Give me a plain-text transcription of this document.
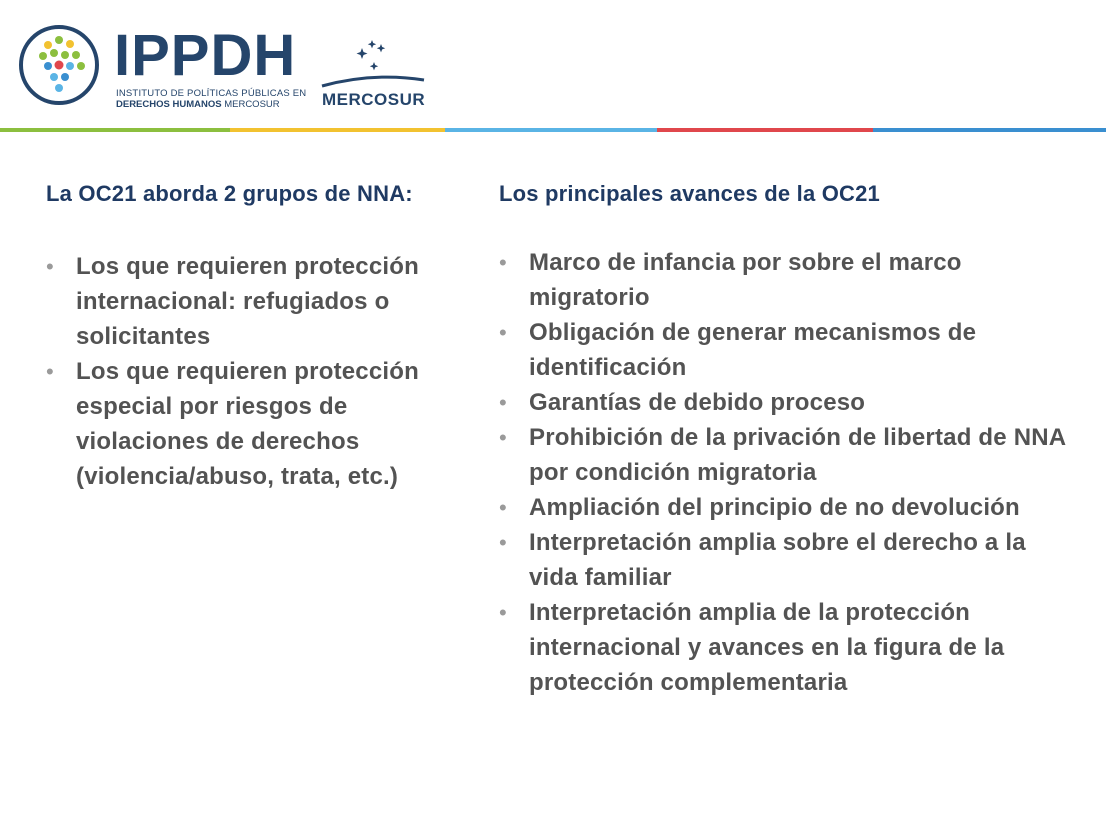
IPPDH
INSTITUTO DE POLÍTICAS PÚBLICAS EN
DERECHOS HUMANOS MERCOSUR MERCOSUR
La OC21 aborda 2 grupos de NNA:
• Los que requieren protección internacional: refugiados o solicitantes
• Los que requieren protección especial por riesgos de violaciones de derechos (violencia/abuso, trata, etc.)
Los principales avances de la OC21
• Marco de infancia por sobre el marco migratorio
• Obligación de generar mecanismos de identificación
• Garantías de debido proceso
• Prohibición de la privación de libertad de NNA por condición migratoria
• Ampliación del principio de no devolución
• Interpretación amplia sobre el derecho a la vida familiar
• Interpretación amplia de la protección internacional y avances en la figura de la protección complementaria
